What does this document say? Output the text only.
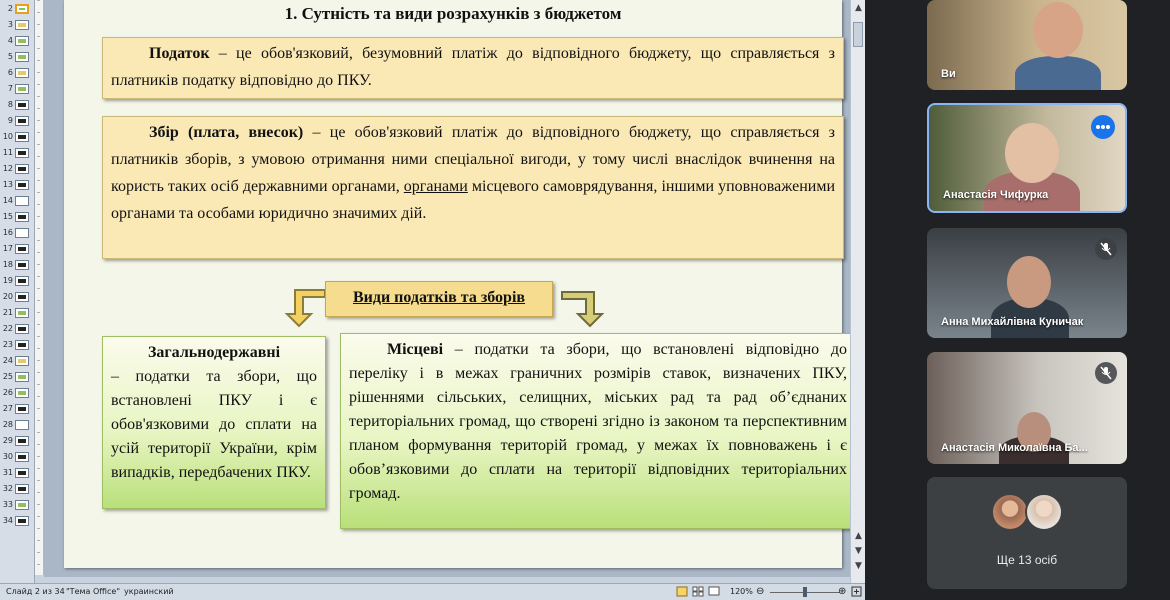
2
3
4
5
6
7
8
9
10
11
12
13
14
15
16
17
18
19
20
21
22
23
24
25
26
27
28
29
30
31
32
33
34
1. Сутність та види розрахунків з бюджетом
Податок – це обов'язковий, безумовний платіж до відповідного бюджету, що справляється з платників податку відповідно до ПКУ.
Збір (плата, внесок) – це обов'язковий платіж до відповідного бюджету, що справляється з платників зборів, з умовою отримання ними спеціальної вигоди, у тому числі внаслідок вчинення на користь таких осіб державними органами, органами місцевого самоврядування, іншими уповноваженими органами та особами юридично значимих дій.
Види податків та зборів
Загальнодержавні
– податки та збори, що встановлені ПКУ і є обов'язковими до сплати на усій території України, крім випадків, передбачених ПКУ.
Місцеві – податки та збори, що встановлені відповідно до переліку і в межах граничних розмірів ставок, визначених ПКУ, рішеннями сільських, селищних, міських рад та рад об’єднаних територіальних громад, що створені згідно із законом та перспективним планом формування територій громад, у межах їх повноважень і є обов’язковими до сплати на території відповідних територіальних громад.
▲
▲
▼
▼
Слайд 2 из 34 "Тема Office" украинский	120% ⊖	⊕
Ви
Анастасія Чифурка
Анна Михайлівна Куничак
Анастасія Миколаївна Ба...
Ще 13 осіб
